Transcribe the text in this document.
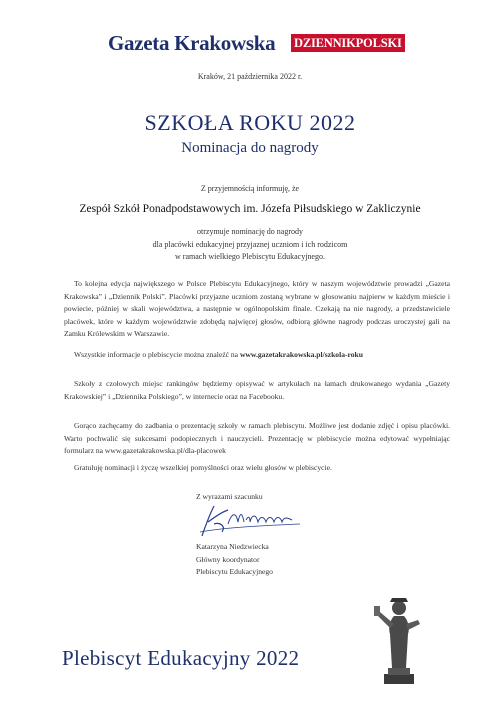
Gazeta Krakowska DZIENNIKPOLSKI
Kraków, 21 października 2022 r.
SZKOŁA ROKU 2022
Nominacja do nagrody
Z przyjemnością informuję, że
Zespół Szkół Ponadpodstawowych im. Józefa Piłsudskiego w Zakliczynie
otrzymuje nominację do nagrody
dla placówki edukacyjnej przyjaznej uczniom i ich rodzicom
w ramach wielkiego Plebiscytu Edukacyjnego.

To kolejna edycja największego w Polsce Plebiscytu Edukacyjnego, który w naszym województwie prowadzi „Gazeta Krakowska” i „Dziennik Polski”. Placówki przyjazne uczniom zostaną wybrane w głosowaniu najpierw w każdym mieście i powiecie, później w skali województwa, a następnie w ogólnopolskim finale. Czekają na nie nagrody, a przedstawiciele placówek, które w każdym województwie zdobędą najwięcej głosów, odbiorą główne nagrody podczas uroczystej gali na Zamku Królewskim w Warszawie.

Wszystkie informacje o plebiscycie można znaleźć na www.gazetakrakowska.pl/szkola-roku

Szkoły z czołowych miejsc rankingów będziemy opisywać w artykułach na łamach drukowanego wydania „Gazety Krakowskiej” i „Dziennika Polskiego”, w internecie oraz na Facebooku.

Gorąco zachęcamy do zadbania o prezentację szkoły w ramach plebiscytu. Możliwe jest dodanie zdjęć i opisu placówki. Warto pochwalić się sukcesami podopiecznych i nauczycieli. Prezentację w plebiscycie można edytować wypełniając formularz na www.gazetakrakowska.pl/dla-placowek

Gratuluję nominacji i życzę wszelkiej pomyślności oraz wielu głosów w plebiscycie.

Z wyrazami szacunku
Katarzyna Niedzwiecka
Główny koordynator
Plebiscytu Edukacyjnego
Plebiscyt Edukacyjny 2022
